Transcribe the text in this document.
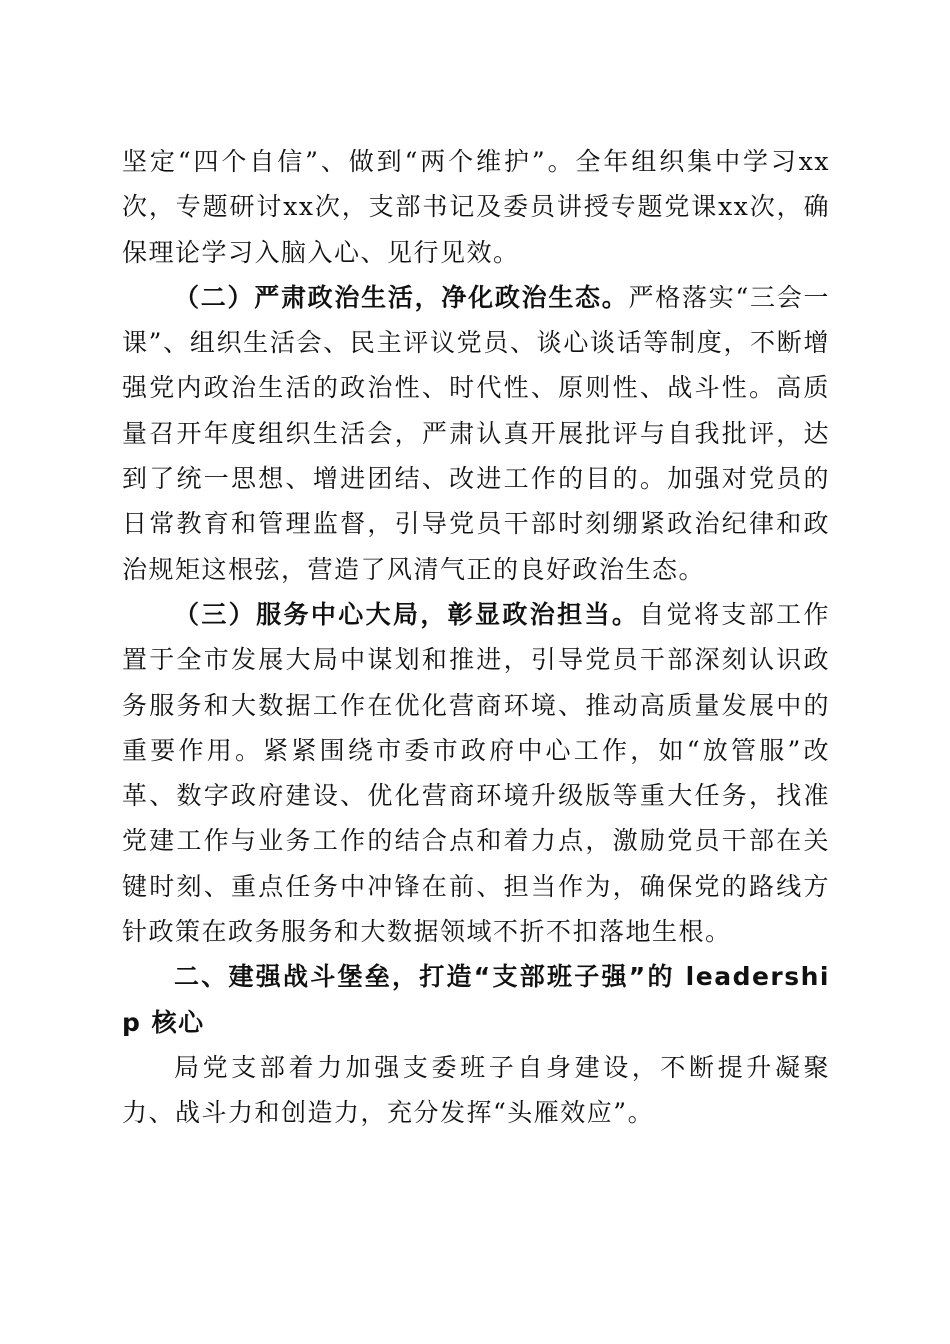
坚定“四个自信”、做到“两个维护”。全年组织集中学习xx次，专题研讨xx次，支部书记及委员讲授专题党课xx次，确保理论学习入脑入心、见行见效。

（二）严肃政治生活，净化政治生态。严格落实“三会一课”、组织生活会、民主评议党员、谈心谈话等制度，不断增强党内政治生活的政治性、时代性、原则性、战斗性。高质量召开年度组织生活会，严肃认真开展批评与自我批评，达到了统一思想、增进团结、改进工作的目的。加强对党员的日常教育和管理监督，引导党员干部时刻绷紧政治纪律和政治规矩这根弦，营造了风清气正的良好政治生态。

（三）服务中心大局，彰显政治担当。自觉将支部工作置于全市发展大局中谋划和推进，引导党员干部深刻认识政务服务和大数据工作在优化营商环境、推动高质量发展中的重要作用。紧紧围绕市委市政府中心工作，如“放管服”改革、数字政府建设、优化营商环境升级版等重大任务，找准党建工作与业务工作的结合点和着力点，激励党员干部在关键时刻、重点任务中冲锋在前、担当作为，确保党的路线方针政策在政务服务和大数据领域不折不扣落地生根。

二、建强战斗堡垒，打造“支部班子强”的 leadership 核心

局党支部着力加强支委班子自身建设，不断提升凝聚力、战斗力和创造力，充分发挥“头雁效应”。
